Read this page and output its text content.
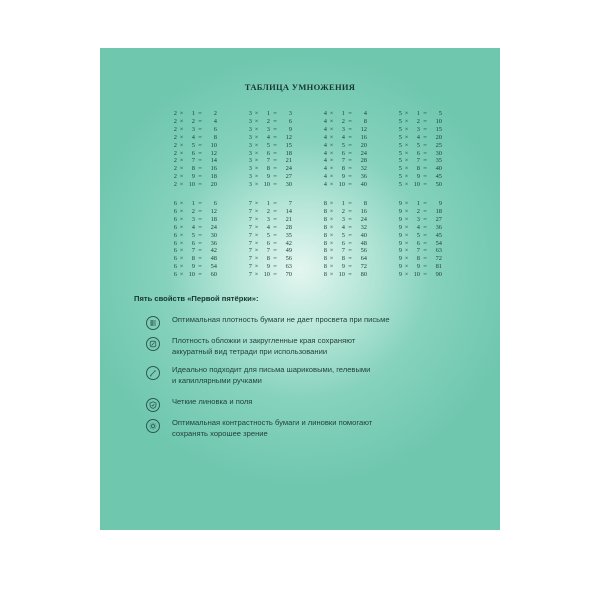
ТАБЛИЦА УМНОЖЕНИЯ
2 ×	1 =	2
2 ×	2 =	4
2 ×	3 =	6
2 ×	4 =	8
2 ×	5 =	10
2 ×	6 =	12
2 ×	7 =	14
2 ×	8 =	16
2 ×	9 =	18
2 × 10 =	20
3 ×	1 =	3
3 ×	2 =	6
3 ×	3 =	9
3 ×	4 =	12
3 ×	5 =	15
3 ×	6 =	18
3 ×	7 =	21
3 ×	8 =	24
3 ×	9 =	27
3 × 10 =	30
4 ×	1 =	4
4 ×	2 =	8
4 ×	3 =	12
4 ×	4 =	16
4 ×	5 =	20
4 ×	6 =	24
4 ×	7 =	28
4 ×	8 =	32
4 ×	9 =	36
4 × 10 =	40
5 ×	1 =	5
5 ×	2 =	10
5 ×	3 =	15
5 ×	4 =	20
5 ×	5 =	25
5 ×	6 =	30
5 ×	7 =	35
5 ×	8 =	40
5 ×	9 =	45
5 × 10 =	50
6 ×	1 =	6
6 ×	2 =	12
6 ×	3 =	18
6 ×	4 =	24
6 ×	5 =	30
6 ×	6 =	36
6 ×	7 =	42
6 ×	8 =	48
6 ×	9 =	54
6 × 10 =	60
7 ×	1 =	7
7 ×	2 =	14
7 ×	3 =	21
7 ×	4 =	28
7 ×	5 =	35
7 ×	6 =	42
7 ×	7 =	49
7 ×	8 =	56
7 ×	9 =	63
7 × 10 =	70
8 ×	1 =	8
8 ×	2 =	16
8 ×	3 =	24
8 ×	4 =	32
8 ×	5 =	40
8 ×	6 =	48
8 ×	7 =	56
8 ×	8 =	64
8 ×	9 =	72
8 × 10 =	80
9 ×	1 =	9
9 ×	2 =	18
9 ×	3 =	27
9 ×	4 =	36
9 ×	5 =	45
9 ×	6 =	54
9 ×	7 =	63
9 ×	8 =	72
9 ×	9 =	81
9 × 10 =	90
Пять свойств «Первой пятёрки»:
Оптимальная плотность бумаги не дает просвета при письме
Плотность обложки и закругленные края сохраняют
аккуратный вид тетради при использовании
Идеально подходит для письма шариковыми, гелевыми
и капиллярными ручками
Четкие линовка и поля
Оптимальная контрастность бумаги и линовки помогают
сохранять хорошее зрение
